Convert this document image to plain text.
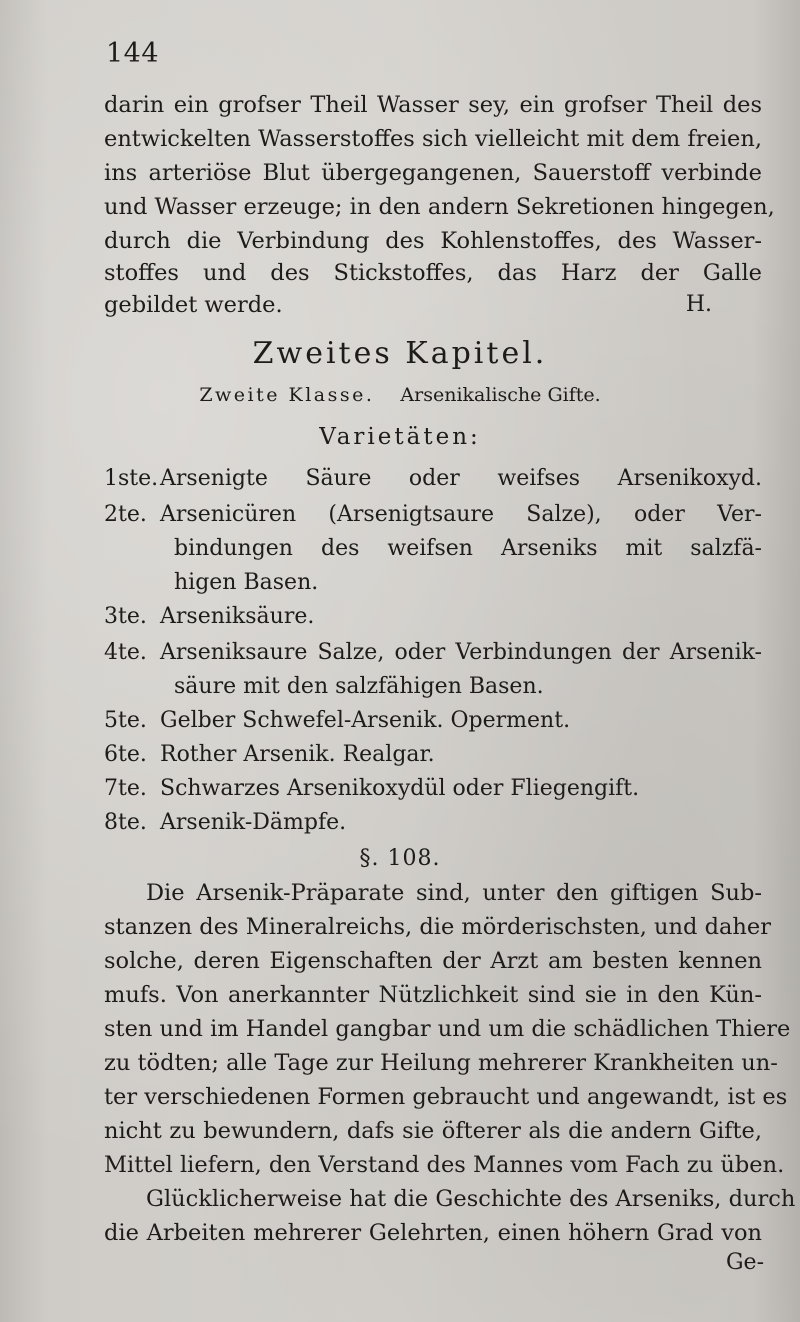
144
darin ein grofser Theil Wasser sey, ein grofser Theil des
entwickelten Wasserstoffes sich vielleicht mit dem freien,
ins arteriöse Blut übergegangenen, Sauerstoff verbinde
und Wasser erzeuge; in den andern Sekretionen hingegen,
durch die Verbindung des Kohlenstoffes, des Wasser-
stoffes und des Stickstoffes, das Harz der Galle
gebildet werde.	H.
Zweites Kapitel.
Zweite Klasse. Arsenikalische Gifte.
Varietäten:
1ste. Arsenigte Säure oder weifses Arsenikoxyd.
2te. Arsenicüren (Arsenigtsaure Salze), oder Ver-
bindungen des weifsen Arseniks mit salzfä-
higen Basen.
3te. Arseniksäure.
4te. Arseniksaure Salze, oder Verbindungen der Arsenik-
säure mit den salzfähigen Basen.
5te. Gelber Schwefel-Arsenik. Operment.
6te. Rother Arsenik. Realgar.
7te. Schwarzes Arsenikoxydül oder Fliegengift.
8te. Arsenik-Dämpfe.
§. 108.
Die Arsenik-Präparate sind, unter den giftigen Sub-
stanzen des Mineralreichs, die mörderischsten, und daher
solche, deren Eigenschaften der Arzt am besten kennen
mufs. Von anerkannter Nützlichkeit sind sie in den Kün-
sten und im Handel gangbar und um die schädlichen Thiere
zu tödten; alle Tage zur Heilung mehrerer Krankheiten un-
ter verschiedenen Formen gebraucht und angewandt, ist es
nicht zu bewundern, dafs sie öfterer als die andern Gifte,
Mittel liefern, den Verstand des Mannes vom Fach zu üben.
Glücklicherweise hat die Geschichte des Arseniks, durch
die Arbeiten mehrerer Gelehrten, einen höhern Grad von
Ge-
